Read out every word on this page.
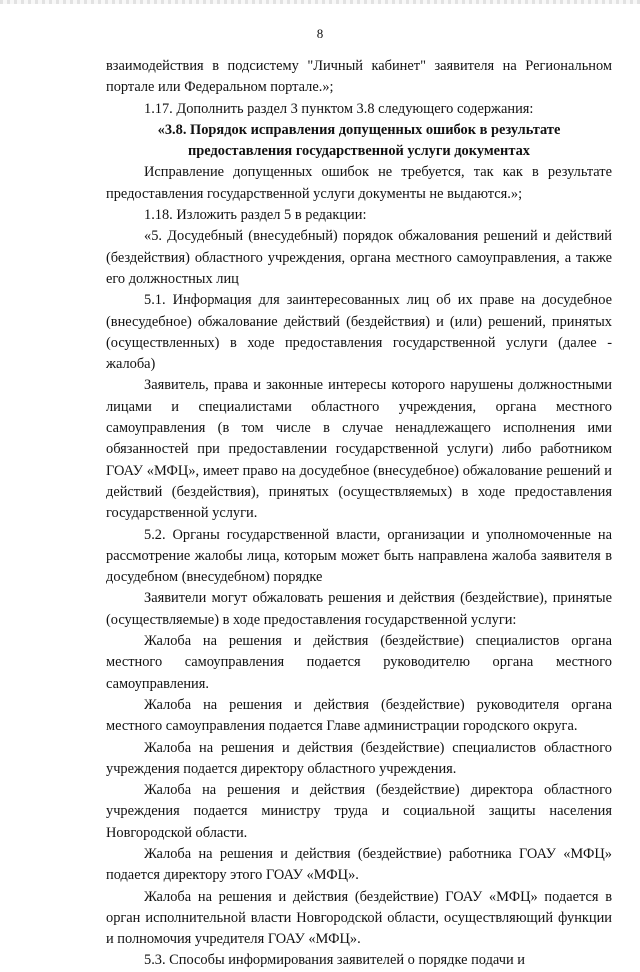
8

взаимодействия в подсистему "Личный кабинет" заявителя на Региональном портале или Федеральном портале.»;

1.17. Дополнить раздел 3 пунктом 3.8 следующего содержания:

«3.8. Порядок исправления допущенных ошибок в результате предоставления государственной услуги документах

Исправление допущенных ошибок не требуется, так как в результате предоставления государственной услуги документы не выдаются.»;

1.18. Изложить раздел 5 в редакции:

«5. Досудебный (внесудебный) порядок обжалования решений и действий (бездействия) областного учреждения, органа местного самоуправления, а также его должностных лиц

5.1. Информация для заинтересованных лиц об их праве на досудебное (внесудебное) обжалование действий (бездействия) и (или) решений, принятых (осуществленных) в ходе предоставления государственной услуги (далее - жалоба)

Заявитель, права и законные интересы которого нарушены должностными лицами и специалистами областного учреждения, органа местного самоуправления (в том числе в случае ненадлежащего исполнения ими обязанностей при предоставлении государственной услуги) либо работником ГОАУ «МФЦ», имеет право на досудебное (внесудебное) обжалование решений и действий (бездействия), принятых (осуществляемых) в ходе предоставления государственной услуги.

5.2. Органы государственной власти, организации и уполномоченные на рассмотрение жалобы лица, которым может быть направлена жалоба заявителя в досудебном (внесудебном) порядке

Заявители могут обжаловать решения и действия (бездействие), принятые (осуществляемые) в ходе предоставления государственной услуги:

Жалоба на решения и действия (бездействие) специалистов органа местного самоуправления подается руководителю органа местного самоуправления.

Жалоба на решения и действия (бездействие) руководителя органа местного самоуправления подается Главе администрации городского округа.

Жалоба на решения и действия (бездействие) специалистов областного учреждения подается директору областного учреждения.

Жалоба на решения и действия (бездействие) директора областного учреждения подается министру труда и социальной защиты населения Новгородской области.

Жалоба на решения и действия (бездействие) работника ГОАУ «МФЦ» подается директору этого ГОАУ «МФЦ».

Жалоба на решения и действия (бездействие) ГОАУ «МФЦ» подается в орган исполнительной власти Новгородской области, осуществляющий функции и полномочия учредителя ГОАУ «МФЦ».

5.3. Способы информирования заявителей о порядке подачи и
